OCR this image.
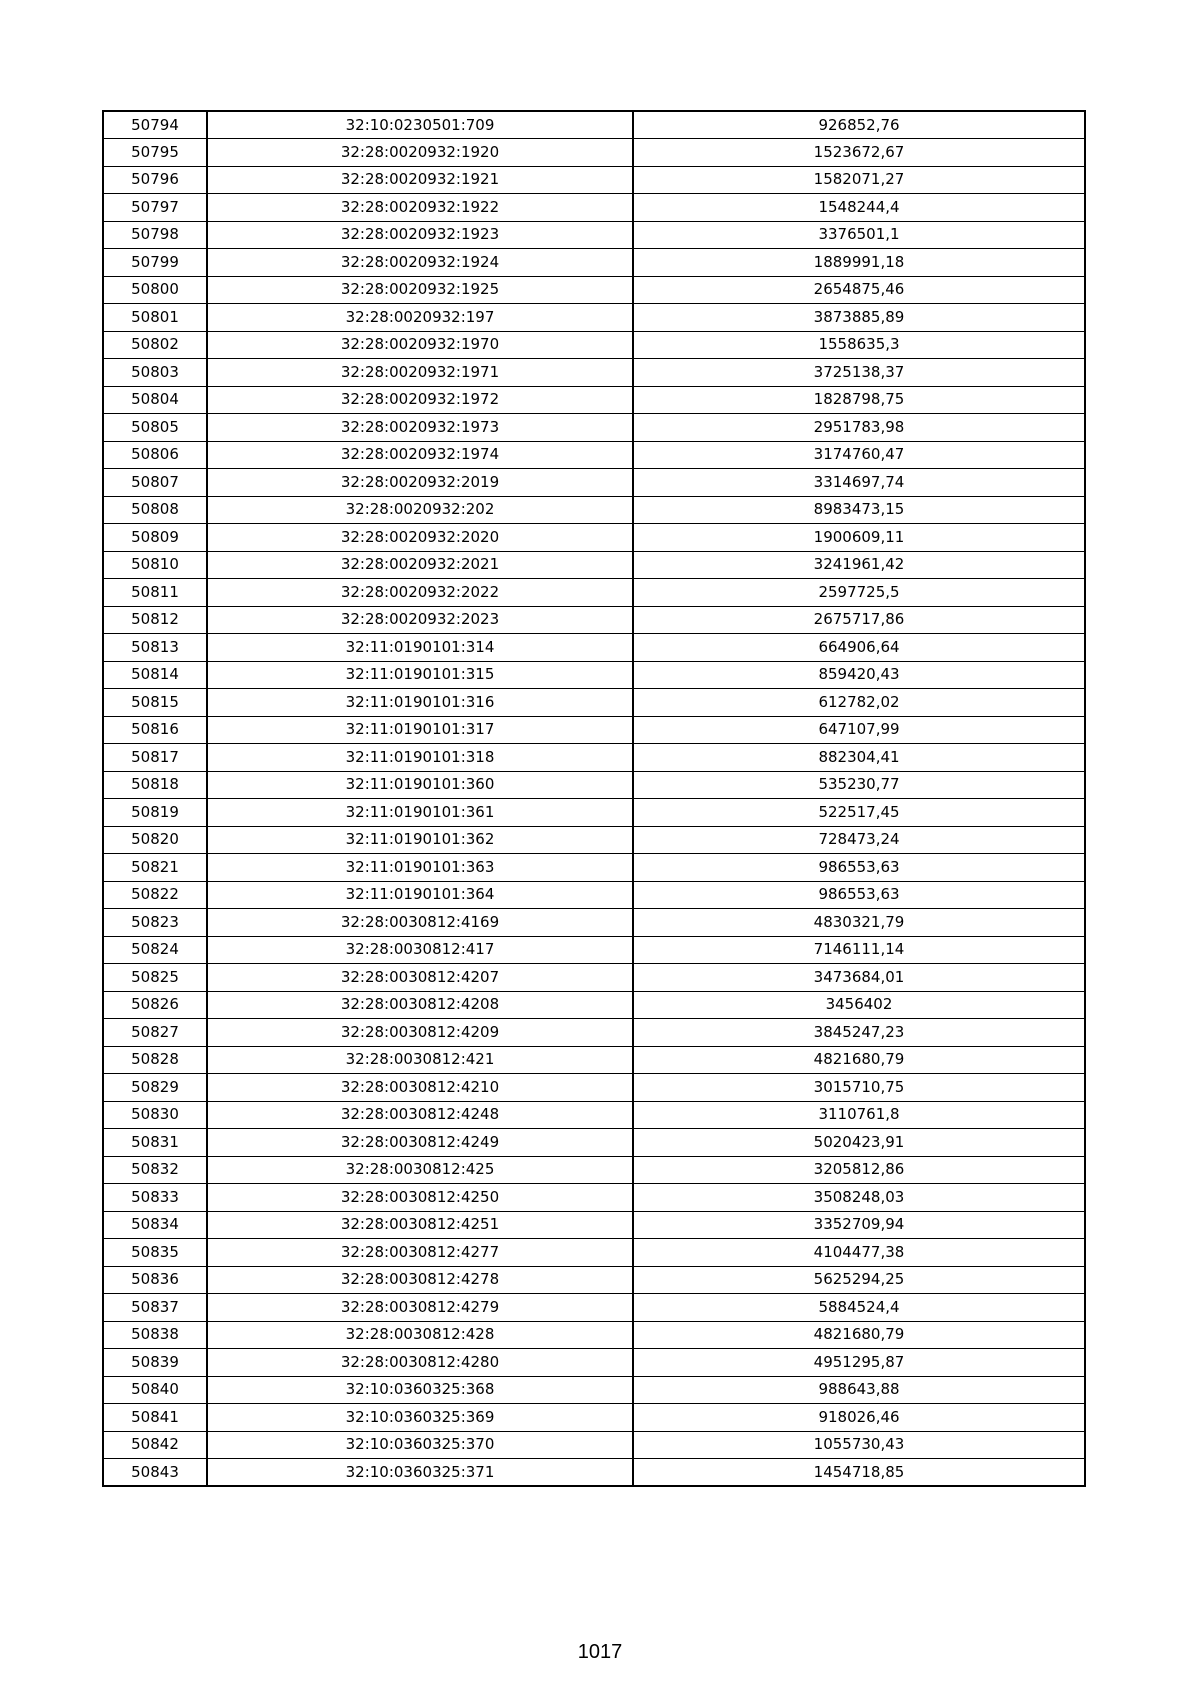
50794	32:10:0230501:709	926852,76
50795	32:28:0020932:1920	1523672,67
50796	32:28:0020932:1921	1582071,27
50797	32:28:0020932:1922	1548244,4
50798	32:28:0020932:1923	3376501,1
50799	32:28:0020932:1924	1889991,18
50800	32:28:0020932:1925	2654875,46
50801	32:28:0020932:197	3873885,89
50802	32:28:0020932:1970	1558635,3
50803	32:28:0020932:1971	3725138,37
50804	32:28:0020932:1972	1828798,75
50805	32:28:0020932:1973	2951783,98
50806	32:28:0020932:1974	3174760,47
50807	32:28:0020932:2019	3314697,74
50808	32:28:0020932:202	8983473,15
50809	32:28:0020932:2020	1900609,11
50810	32:28:0020932:2021	3241961,42
50811	32:28:0020932:2022	2597725,5
50812	32:28:0020932:2023	2675717,86
50813	32:11:0190101:314	664906,64
50814	32:11:0190101:315	859420,43
50815	32:11:0190101:316	612782,02
50816	32:11:0190101:317	647107,99
50817	32:11:0190101:318	882304,41
50818	32:11:0190101:360	535230,77
50819	32:11:0190101:361	522517,45
50820	32:11:0190101:362	728473,24
50821	32:11:0190101:363	986553,63
50822	32:11:0190101:364	986553,63
50823	32:28:0030812:4169	4830321,79
50824	32:28:0030812:417	7146111,14
50825	32:28:0030812:4207	3473684,01
50826	32:28:0030812:4208	3456402
50827	32:28:0030812:4209	3845247,23
50828	32:28:0030812:421	4821680,79
50829	32:28:0030812:4210	3015710,75
50830	32:28:0030812:4248	3110761,8
50831	32:28:0030812:4249	5020423,91
50832	32:28:0030812:425	3205812,86
50833	32:28:0030812:4250	3508248,03
50834	32:28:0030812:4251	3352709,94
50835	32:28:0030812:4277	4104477,38
50836	32:28:0030812:4278	5625294,25
50837	32:28:0030812:4279	5884524,4
50838	32:28:0030812:428	4821680,79
50839	32:28:0030812:4280	4951295,87
50840	32:10:0360325:368	988643,88
50841	32:10:0360325:369	918026,46
50842	32:10:0360325:370	1055730,43
50843	32:10:0360325:371	1454718,85
1017
